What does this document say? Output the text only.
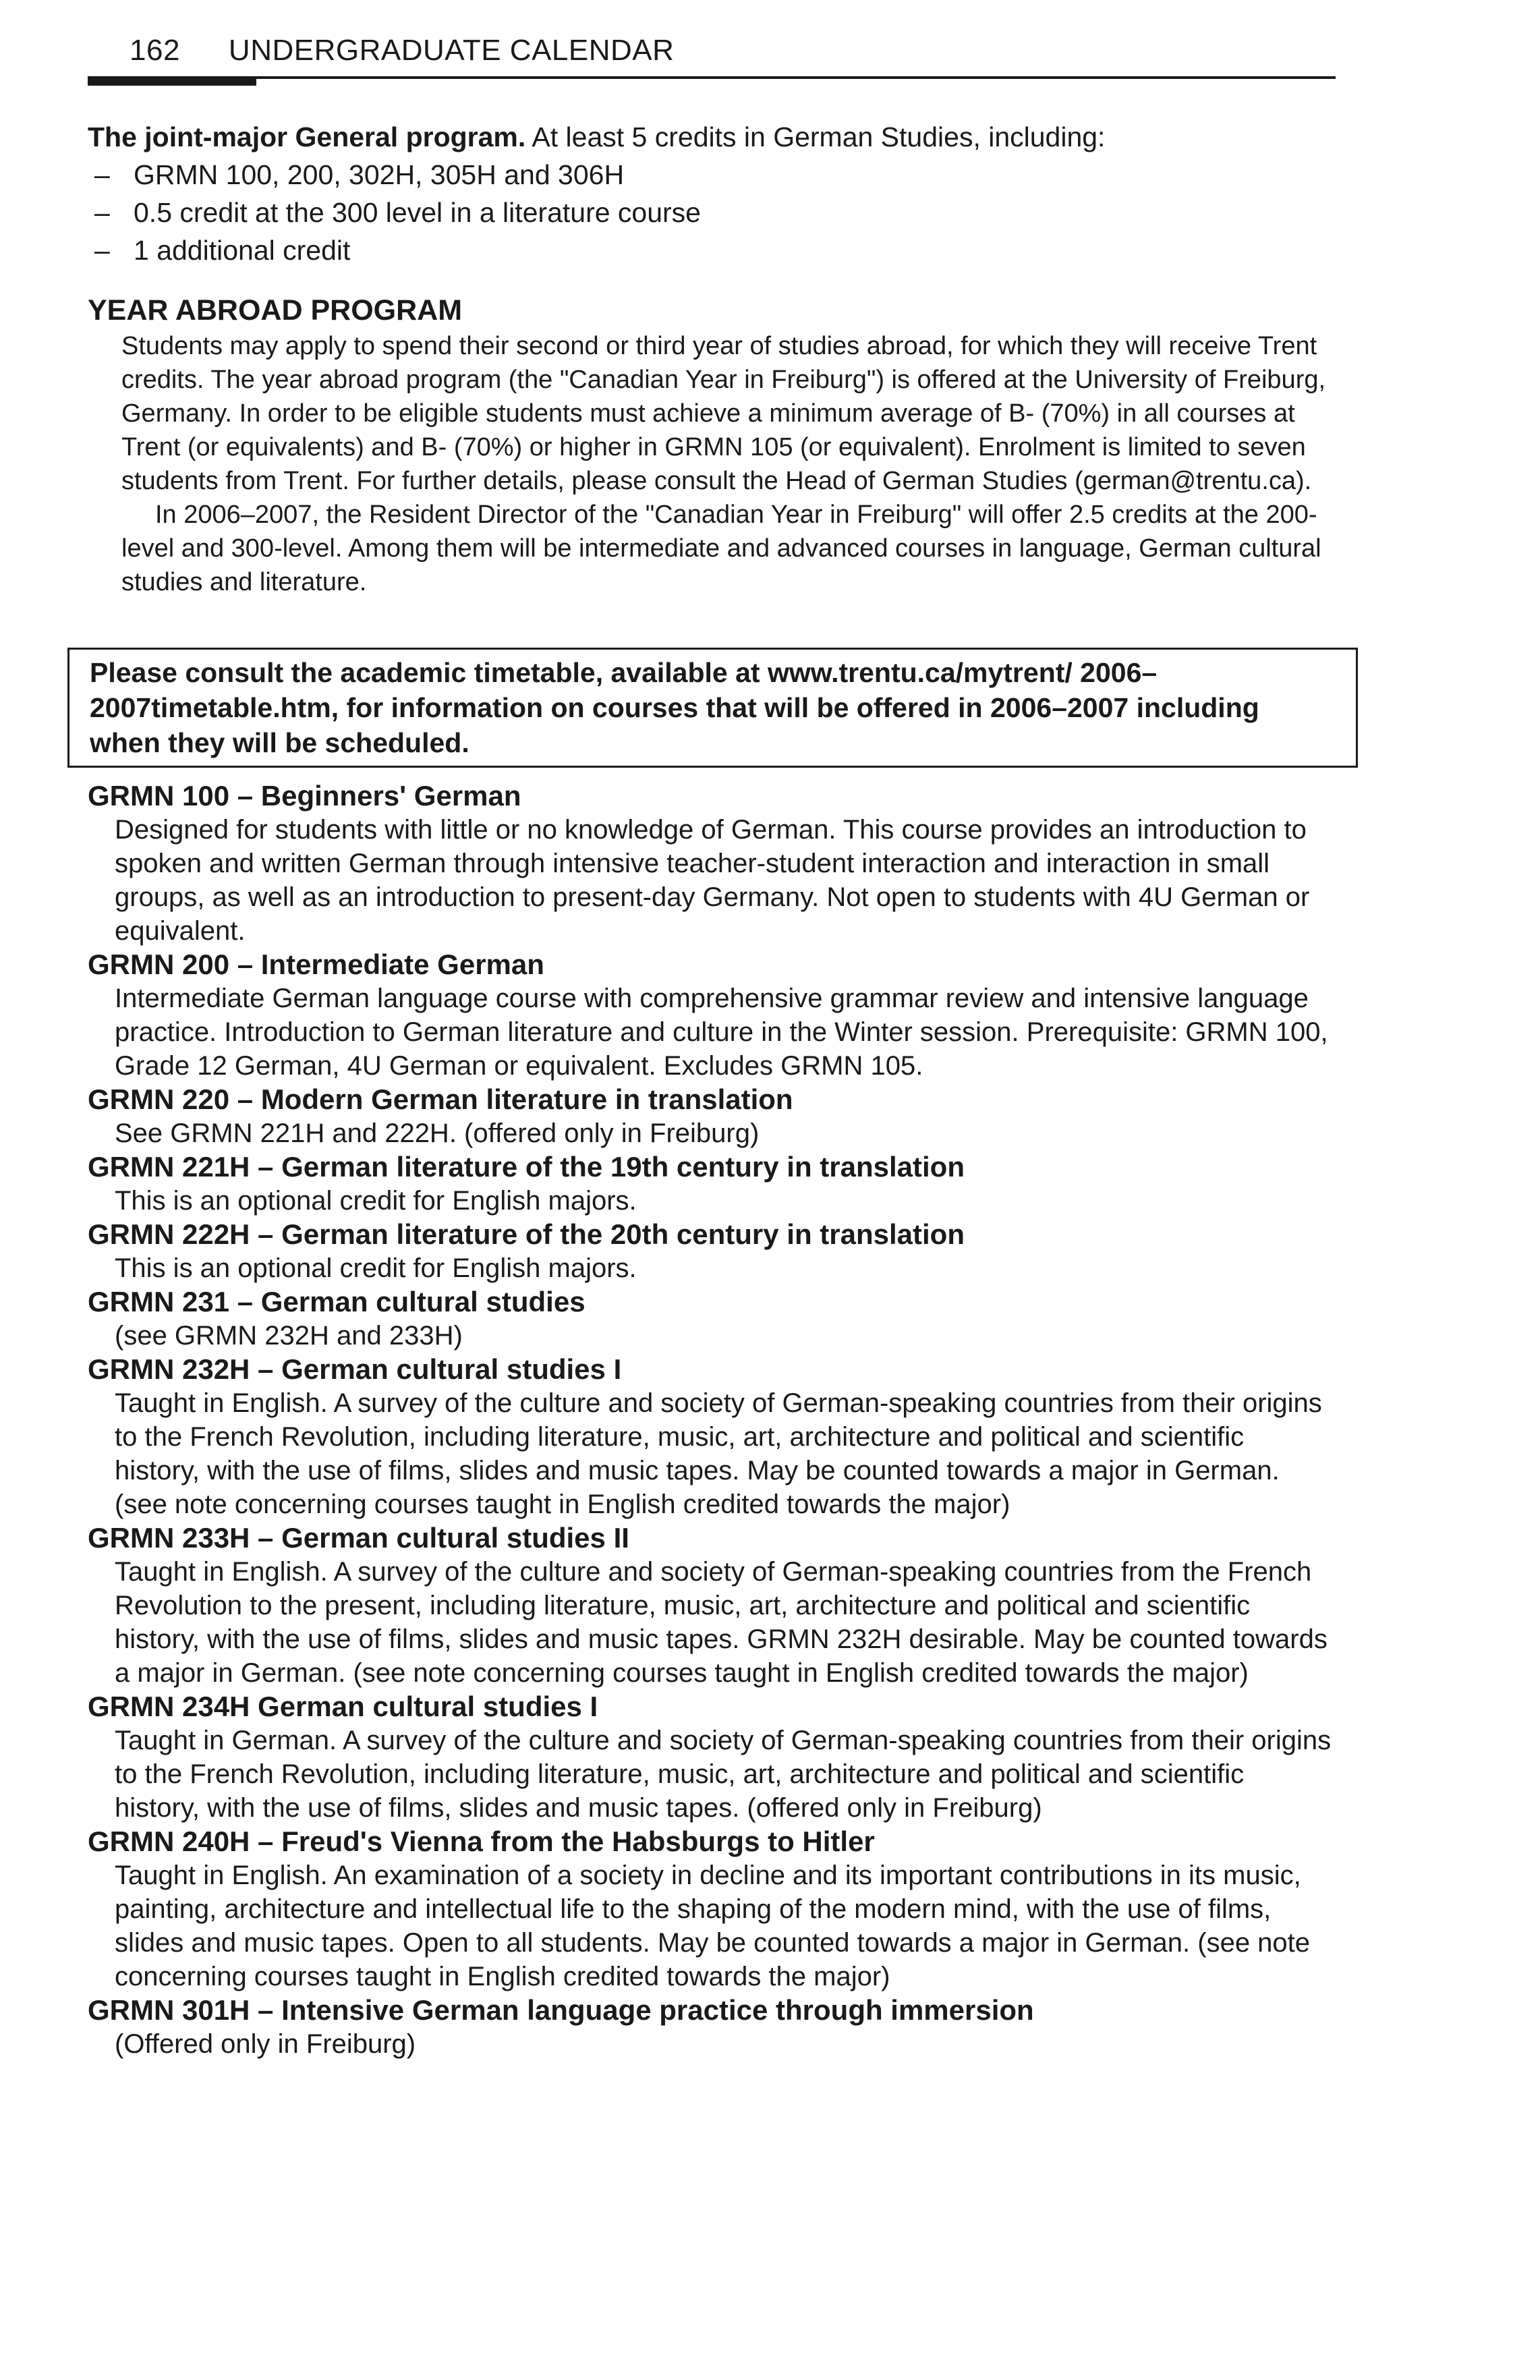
162 UNDERGRADUATE CALENDAR

The joint-major General program. At least 5 credits in German Studies, including:

– GRMN 100, 200, 302H, 305H and 306H
– 0.5 credit at the 300 level in a literature course
– 1 additional credit
YEAR ABROAD PROGRAM

Students may apply to spend their second or third year of studies abroad, for which they will receive Trent credits. The year abroad program (the "Canadian Year in Freiburg") is offered at the University of Freiburg, Germany. In order to be eligible students must achieve a minimum average of B- (70%) in all courses at Trent (or equivalents) and B- (70%) or higher in GRMN 105 (or equivalent). Enrolment is limited to seven students from Trent. For further details, please consult the Head of German Studies (german@trentu.ca).

In 2006–2007, the Resident Director of the "Canadian Year in Freiburg" will offer 2.5 credits at the 200-level and 300-level. Among them will be intermediate and advanced courses in language, German cultural studies and literature.

Please consult the academic timetable, available at www.trentu.ca/mytrent/ 2006–2007timetable.htm, for information on courses that will be offered in 2006–2007 including when they will be scheduled.

GRMN 100 – Beginners' German

Designed for students with little or no knowledge of German. This course provides an introduction to spoken and written German through intensive teacher-student interaction and interaction in small groups, as well as an introduction to present-day Germany. Not open to students with 4U German or equivalent.

GRMN 200 – Intermediate German

Intermediate German language course with comprehensive grammar review and intensive language practice. Introduction to German literature and culture in the Winter session. Prerequisite: GRMN 100, Grade 12 German, 4U German or equivalent. Excludes GRMN 105.

GRMN 220 – Modern German literature in translation

See GRMN 221H and 222H. (offered only in Freiburg)

GRMN 221H – German literature of the 19th century in translation

This is an optional credit for English majors.

GRMN 222H – German literature of the 20th century in translation

This is an optional credit for English majors.

GRMN 231 – German cultural studies

(see GRMN 232H and 233H)

GRMN 232H – German cultural studies I

Taught in English. A survey of the culture and society of German-speaking countries from their origins to the French Revolution, including literature, music, art, architecture and political and scientific history, with the use of films, slides and music tapes. May be counted towards a major in German. (see note concerning courses taught in English credited towards the major)

GRMN 233H – German cultural studies II

Taught in English. A survey of the culture and society of German-speaking countries from the French Revolution to the present, including literature, music, art, architecture and political and scientific history, with the use of films, slides and music tapes. GRMN 232H desirable. May be counted towards a major in German. (see note concerning courses taught in English credited towards the major)

GRMN 234H German cultural studies I

Taught in German. A survey of the culture and society of German-speaking countries from their origins to the French Revolution, including literature, music, art, architecture and political and scientific history, with the use of films, slides and music tapes. (offered only in Freiburg)

GRMN 240H – Freud's Vienna from the Habsburgs to Hitler

Taught in English. An examination of a society in decline and its important contributions in its music, painting, architecture and intellectual life to the shaping of the modern mind, with the use of films, slides and music tapes. Open to all students. May be counted towards a major in German. (see note concerning courses taught in English credited towards the major)

GRMN 301H – Intensive German language practice through immersion

(Offered only in Freiburg)
